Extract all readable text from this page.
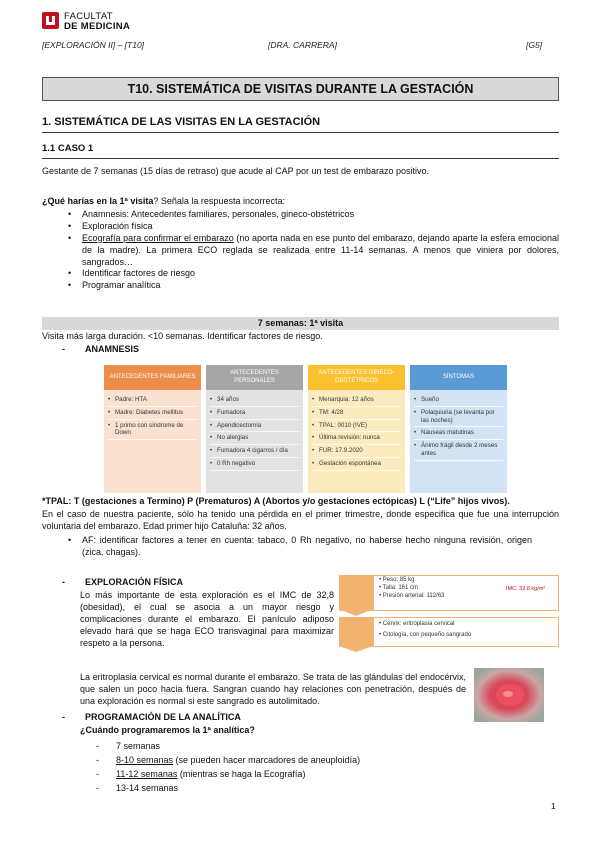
FACULTAT
DE MEDICINA
[EXPLORACIÓN II] – [T10]	[DRA. CARRERA]	[G5]
T10. SISTEMÁTICA DE VISITAS DURANTE LA GESTACIÓN
1. SISTEMÁTICA DE LAS VISITAS EN LA GESTACIÓN
1.1 CASO 1
Gestante de 7 semanas (15 días de retraso) que acude al CAP por un test de embarazo positivo.
¿Qué harías en la 1ª visita? Señala la respuesta incorrecta:
• Anamnesis: Antecedentes familiares, personales, gineco-obstétricos
• Exploración física
• Ecografía para confirmar el embarazo (no aporta nada en ese punto del embarazo, dejando aparte la esfera emocional de la madre). La primera ECO reglada se realizada entre 11-14 semanas. A menos que viniera por dolores, sangrados…
• Identificar factores de riesgo
• Programar analítica
7 semanas: 1ª visita
Visita más larga duración. <10 semanas. Identificar factores de riesgo.
- ANAMNESIS
ANTECEDENTES FAMILIARES
• Padre: HTA
• Madre: Diabetes mellitus
• 1 primo con síndrome de Down
ANTECEDENTES PERSONALES
• 34 años
• Fumadora
• Apendicectomía
• No alergias
• Fumadora 4 cigarros / día
• 0 Rh negativo
ANTECEDENTES GINECO-OBSTÉTRICOS
• Menarquia: 12 años
• TM: 4/28
• TPAL: 0010 (IVE)
• Última revisión: nunca
• FUR: 17.9.2020
• Gestación espontánea
SÍNTOMAS
• Sueño
• Polaquiuria (se levanta por las noches)
• Náuseas matutinas
• Ánimo frágil desde 2 meses antes
*TPAL: T (gestaciones a Termino) P (Prematuros) A (Abortos y/o gestaciones ectópicas) L (“Life” hijos vivos).
En el caso de nuestra paciente, sólo ha tenido una pérdida en el primer trimestre, donde especifica que fue una interrupción voluntaria del embarazo. Edad primer hijo Cataluña: 32 años.
• AF: identificar factores a tener en cuenta: tabaco, 0 Rh negativo, no haberse hecho ninguna revisión, origen (zica, chagas).
- EXPLORACIÓN FÍSICA
Lo más importante de esta exploración es el IMC de 32,8 (obesidad), el cual se asocia a un mayor riesgo y complicaciones durante el embarazo. El panículo adiposo elevado hará que se haga ECO transvaginal para maximizar respeto a la persona.
• Peso: 85 kg
• Talla: 161 cm
• Presión arterial: 112/63
IMC: 32.8 kg/m²
• Cérvix: eritroplasia cervical
• Citología, con pequeño sangrado
La eritroplasia cervical es normal durante el embarazo. Se trata de las glándulas del endocérvix, que salen un poco hacia fuera. Sangran cuando hay relaciones con penetración, después de una exploración es normal si este sangrado es autolimitado.
- PROGRAMACIÓN DE LA ANALÍTICA
¿Cuándo programaremos la 1ª analítica?
- 7 semanas
- 8-10 semanas (se pueden hacer marcadores de aneuploidía)
- 11-12 semanas (mientras se haga la Ecografía)
- 13-14 semanas
1
